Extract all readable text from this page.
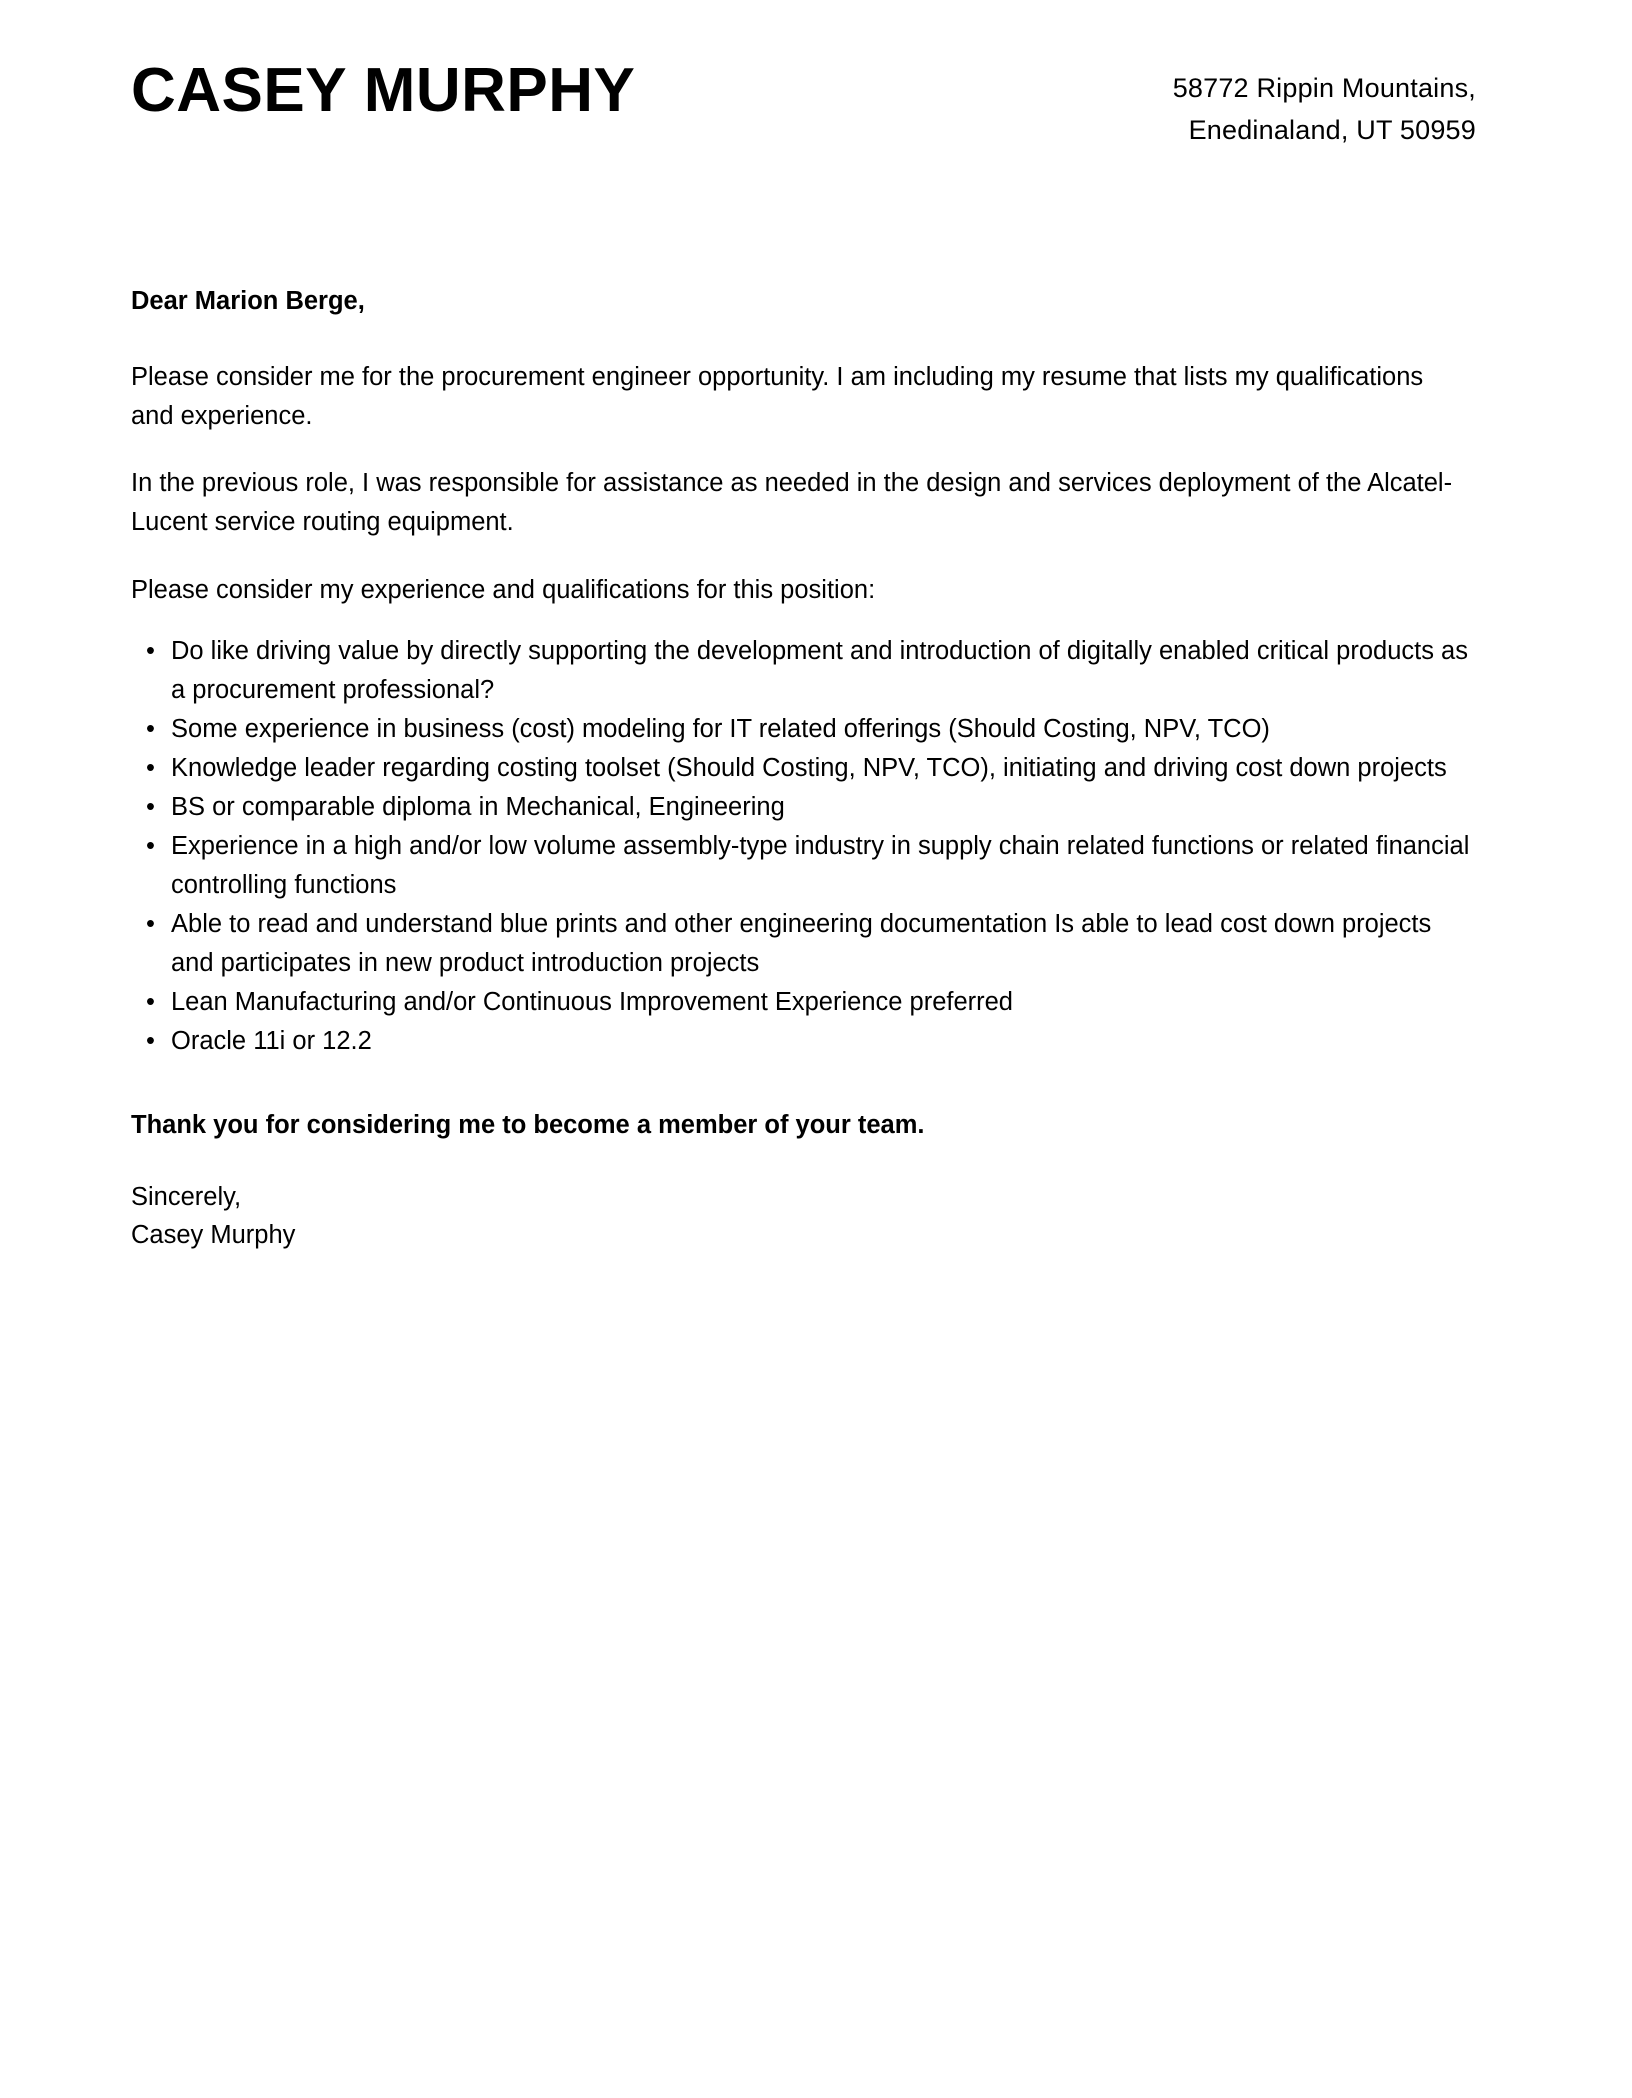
CASEY MURPHY	58772 Rippin Mountains,
Enedinaland, UT 50959

Dear Marion Berge,

Please consider me for the procurement engineer opportunity. I am including my resume that lists my qualifications and experience.

In the previous role, I was responsible for assistance as needed in the design and services deployment of the Alcatel-Lucent service routing equipment.

Please consider my experience and qualifications for this position:

• Do like driving value by directly supporting the development and introduction of digitally enabled critical products as a procurement professional?
• Some experience in business (cost) modeling for IT related offerings (Should Costing, NPV, TCO)
• Knowledge leader regarding costing toolset (Should Costing, NPV, TCO), initiating and driving cost down projects
• BS or comparable diploma in Mechanical, Engineering
• Experience in a high and/or low volume assembly-type industry in supply chain related functions or related financial controlling functions
• Able to read and understand blue prints and other engineering documentation Is able to lead cost down projects and participates in new product introduction projects
• Lean Manufacturing and/or Continuous Improvement Experience preferred
• Oracle 11i or 12.2

Thank you for considering me to become a member of your team.

Sincerely,
Casey Murphy
